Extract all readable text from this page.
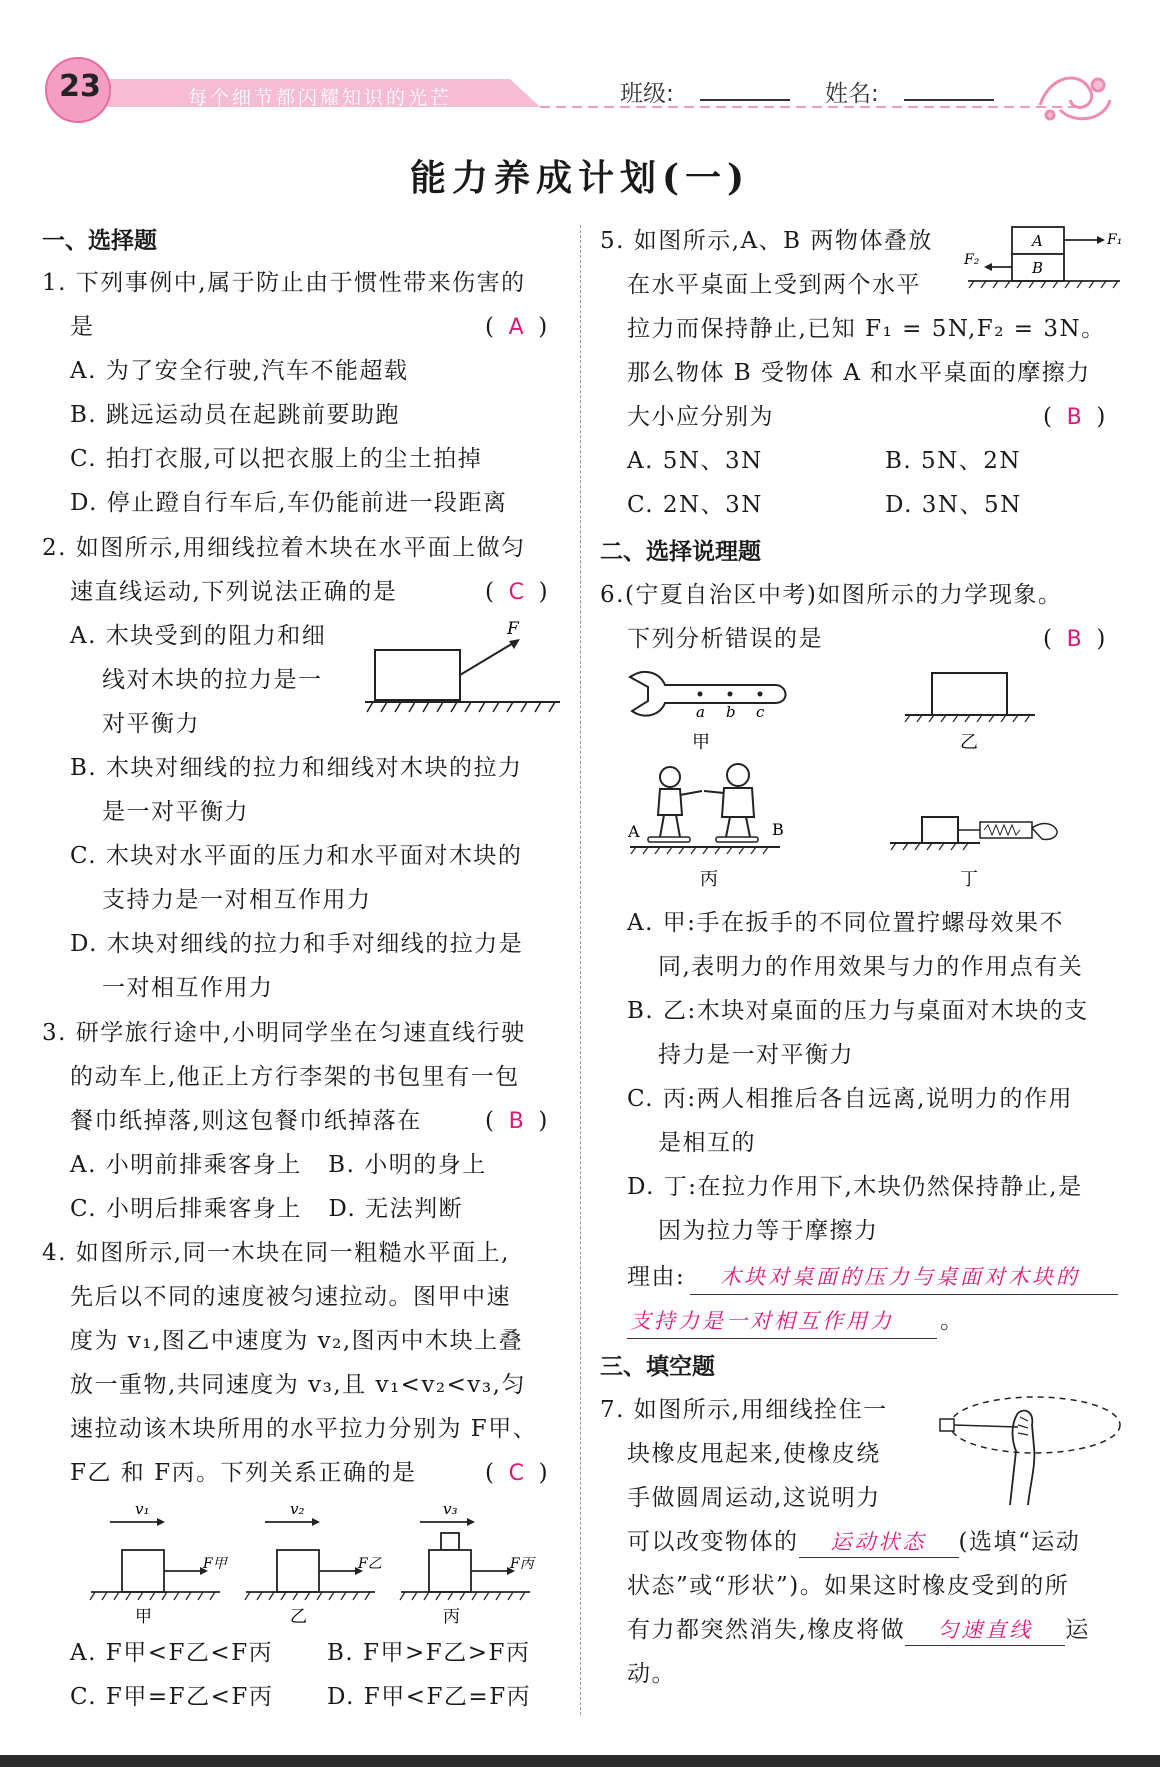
23	每个细节都闪耀知识的光芒	班级:	姓名:
能力养成计划(一)
一、选择题
1. 下列事例中,属于防止由于惯性带来伤害的
是	(  A  )
A. 为了安全行驶,汽车不能超载
B. 跳远运动员在起跳前要助跑
C. 拍打衣服,可以把衣服上的尘土拍掉
D. 停止蹬自行车后,车仍能前进一段距离
2. 如图所示,用细线拉着木块在水平面上做匀
速直线运动,下列说法正确的是	(  C  )
A. 木块受到的阻力和细
线对木块的拉力是一
对平衡力
F
B. 木块对细线的拉力和细线对木块的拉力
是一对平衡力
C. 木块对水平面的压力和水平面对木块的
支持力是一对相互作用力
D. 木块对细线的拉力和手对细线的拉力是
一对相互作用力
3. 研学旅行途中,小明同学坐在匀速直线行驶
的动车上,他正上方行李架的书包里有一包
餐巾纸掉落,则这包餐巾纸掉落在	(  B  )
A. 小明前排乘客身上   B. 小明的身上
C. 小明后排乘客身上   D. 无法判断
4. 如图所示,同一木块在同一粗糙水平面上,
先后以不同的速度被匀速拉动。图甲中速
度为 v₁,图乙中速度为 v₂,图丙中木块上叠
放一重物,共同速度为 v₃,且 v₁<v₂<v₃,匀
速拉动该木块所用的水平拉力分别为 F甲、
F乙 和 F丙。下列关系正确的是	(  C  )
v₁
F甲
甲
v₂
F乙
乙
v₃
F丙
丙
A. F甲<F乙<F丙 B. F甲>F乙>F丙
C. F甲=F乙<F丙 D. F甲<F乙=F丙
5. 如图所示,A、B 两物体叠放
在水平桌面上受到两个水平
A
B
F₁
F₂
拉力而保持静止,已知 F₁ = 5N,F₂ = 3N。
那么物体 B 受物体 A 和水平桌面的摩擦力
大小应分别为	(  B  )
A. 5N、3N	B. 5N、2N
C. 2N、3N	D. 3N、5N
二、选择说理题
6.(宁夏自治区中考)如图所示的力学现象。
下列分析错误的是	(  B  )
a b c
甲	乙
A	B
丙	丁
A. 甲:手在扳手的不同位置拧螺母效果不
同,表明力的作用效果与力的作用点有关
B. 乙:木块对桌面的压力与桌面对木块的支
持力是一对平衡力
C. 丙:两人相推后各自远离,说明力的作用
是相互的
D. 丁:在拉力作用下,木块仍然保持静止,是
因为拉力等于摩擦力
理由: 木块对桌面的压力与桌面对木块的
支持力是一对相互作用力 。
三、填空题
7. 如图所示,用细线拴住一
块橡皮甩起来,使橡皮绕
手做圆周运动,这说明力
可以改变物体的 运动状态 (选填“运动
状态”或“形状”)。如果这时橡皮受到的所
有力都突然消失,橡皮将做 匀速直线 运
动。
